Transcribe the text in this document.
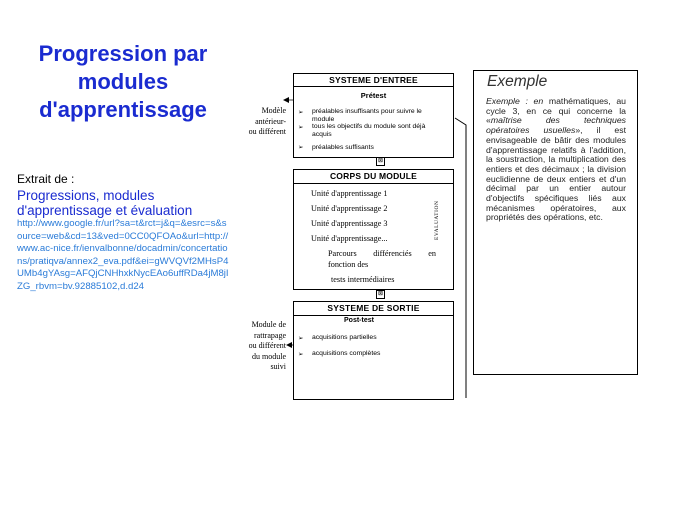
Progression par
modules
d'apprentissage
Extrait de :
Progressions, modules d'apprentissage et évaluation
http://www.google.fr/url?sa=t&rct=j&q=&esrc=s&source=web&cd=13&ved=0CC0QFOAo&url=http://www.ac-nice.fr/ienvalbonne/docadmin/concertations/pratiqva/annex2_eva.pdf&ei=gWVQVf2MHsP4UMb4gYAsg=AFQjCNHhxkNycEAo6uffRDa4jM8jIZG_rbvm=bv.92885102,d.d24
SYSTEME D'ENTREE
Prétest
➢ préalables insuffisants pour suivre le module
➢ tous les objectifs du module sont déjà acquis
➢ préalables suffisants
Modèle
antérieur-
ou différent
⊠
CORPS DU MODULE
Unité d'apprentissage 1
Unité d'apprentissage 2
Unité d'apprentissage 3
Unité d'apprentissage...
Parcours différenciés en
fonction des
tests intermédiaires
EVALUATION
⊠
SYSTEME DE SORTIE
Post-test
➢ acquisitions partielles
➢ acquisitions complètes
Module de
rattrapage
ou différent
du module
suivi
Exemple
Exemple : en mathématiques, au cycle 3, en ce qui concerne la «maîtrise des techniques opératoires usuelles», il est envisageable de bâtir des modules d'apprentissage relatifs à l'addition, la soustraction, la multiplication des entiers et des décimaux ; la division euclidienne de deux entiers et d'un décimal par un entier autour d'objectifs spécifiques liés aux mécanismes opératoires, aux propriétés des opérations, etc.
